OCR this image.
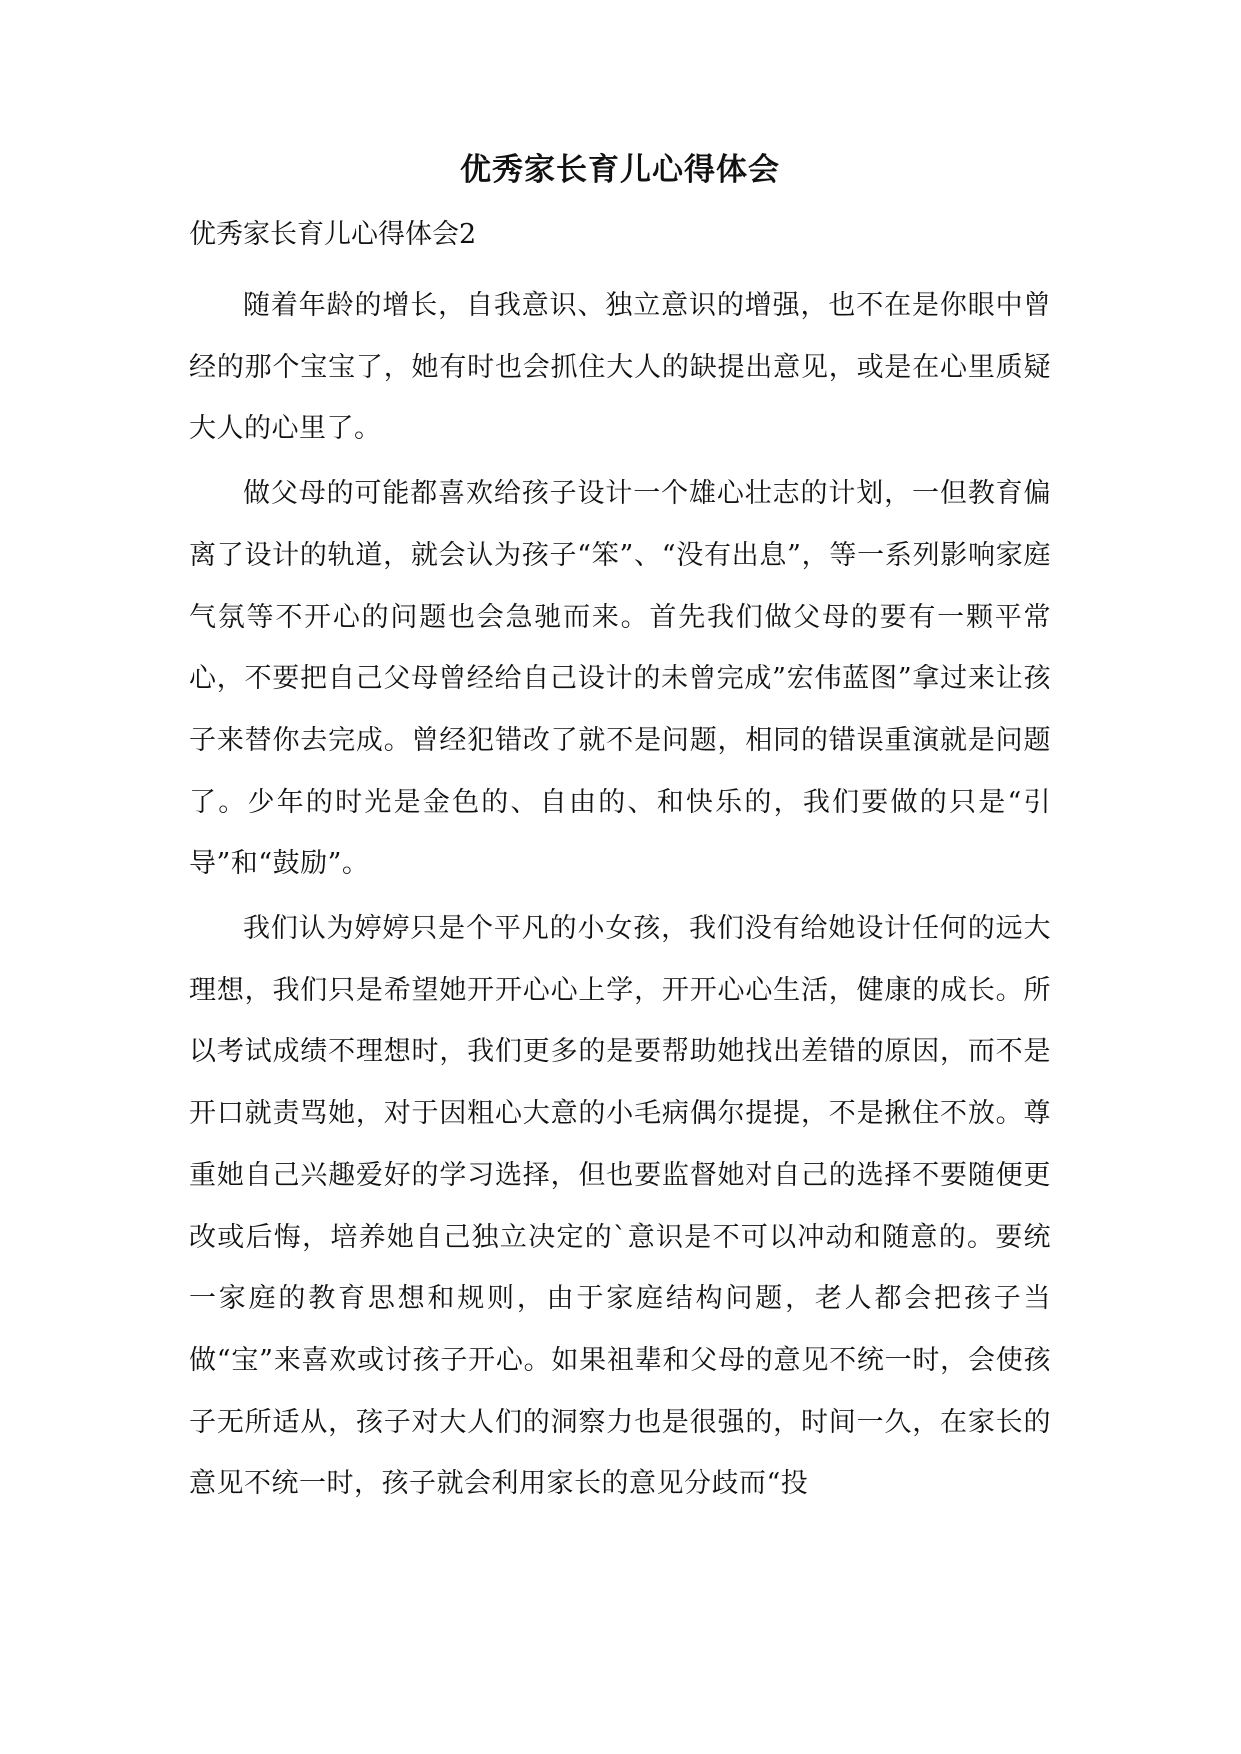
优秀家长育儿心得体会
优秀家长育儿心得体会2

随着年龄的增长，自我意识、独立意识的增强，也不在是你眼中曾经的那个宝宝了，她有时也会抓住大人的缺提出意见，或是在心里质疑大人的心里了。

做父母的可能都喜欢给孩子设计一个雄心壮志的计划，一但教育偏离了设计的轨道，就会认为孩子“笨”、“没有出息”，等一系列影响家庭气氛等不开心的问题也会急驰而来。首先我们做父母的要有一颗平常心，不要把自己父母曾经给自己设计的未曾完成”宏伟蓝图”拿过来让孩子来替你去完成。曾经犯错改了就不是问题，相同的错误重演就是问题了。少年的时光是金色的、自由的、和快乐的，我们要做的只是“引导”和“鼓励”。

我们认为婷婷只是个平凡的小女孩，我们没有给她设计任何的远大理想，我们只是希望她开开心心上学，开开心心生活，健康的成长。所以考试成绩不理想时，我们更多的是要帮助她找出差错的原因，而不是开口就责骂她，对于因粗心大意的小毛病偶尔提提，不是揪住不放。尊重她自己兴趣爱好的学习选择，但也要监督她对自己的选择不要随便更改或后悔，培养她自己独立决定的`意识是不可以冲动和随意的。要统一家庭的教育思想和规则，由于家庭结构问题，老人都会把孩子当做“宝”来喜欢或讨孩子开心。如果祖辈和父母的意见不统一时，会使孩子无所适从，孩子对大人们的洞察力也是很强的，时间一久，在家长的意见不统一时，孩子就会利用家长的意见分歧而“投
